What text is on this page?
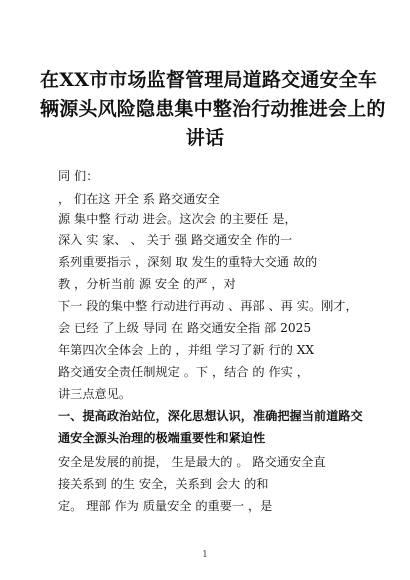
在XX市市场监督管理局道路交通安全车
辆源头风险隐患集中整治行动推进会上的
讲话
同 们：
， 们在这 开全 系 路交通安全
源 集中整 行动 进会。这次会 的主要任 是，
深入 实 家、 、 关于 强 路交通安全 作的一
系列重要指示 ，深刻 取 发生的重特大交通 故的
教 ，分析当前 源 安全 的严 ，对
下一 段的集中整 行动进行再动 、再部 、再 实。刚才，
会 已经 了上级 导同 在 路交通安全指 部 2025
年第四次全体会 上的 ，并组 学习了新 行的 XX
路交通安全责任制规定 。下 ，结合 的 作实 ，
讲三点意见。
一、提高政治站位，深化思想认识，准确把握当前道路交
通安全源头治理的极端重要性和紧迫性
安全是发展的前提， 生是最大的 。 路交通安全直
接关系到 的生 安全，关系到 会大 的和
定。 理部 作为 质量安全 的重要一 ，是
1
